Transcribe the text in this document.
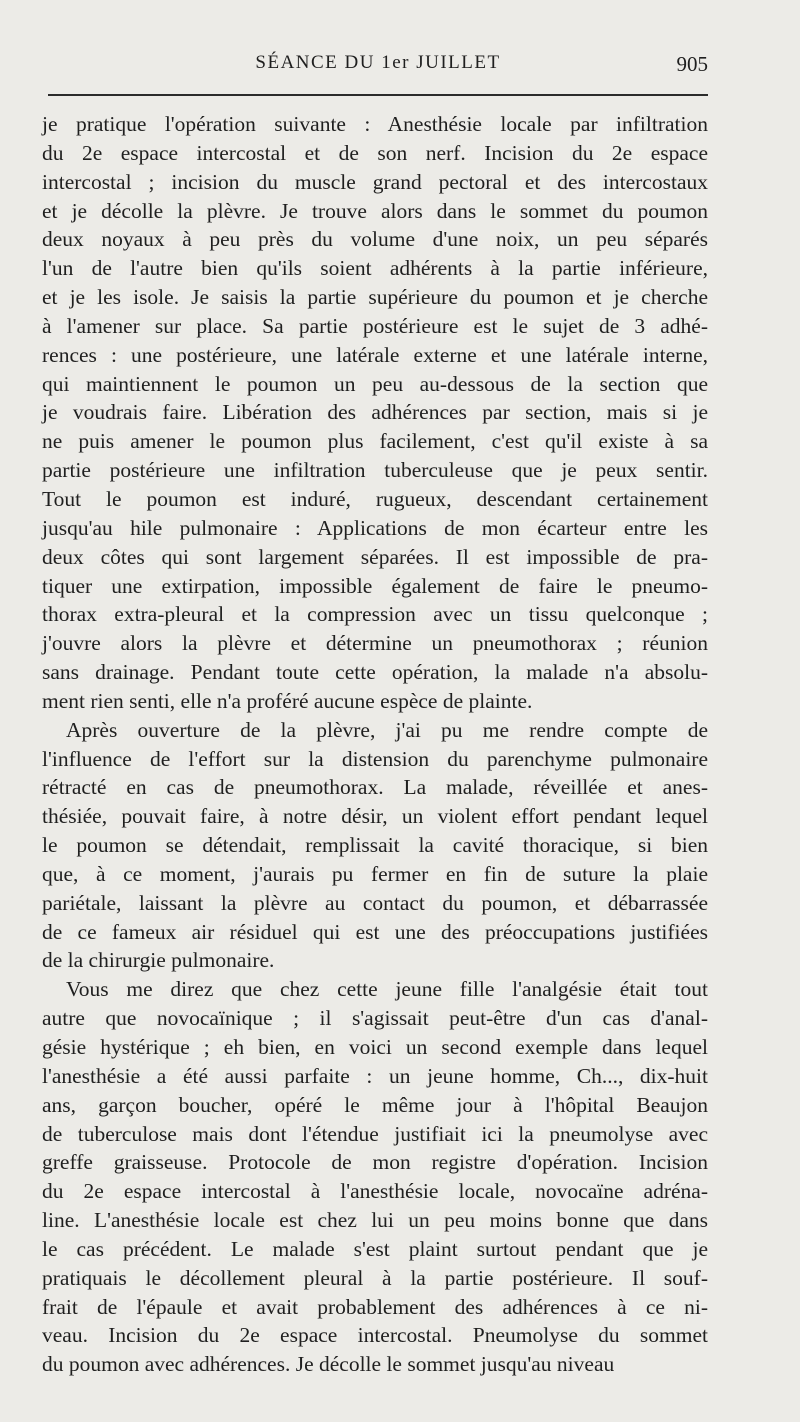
SÉANCE DU 1er JUILLET	905

je pratique l'opération suivante : Anesthésie locale par infiltration
du 2e espace intercostal et de son nerf. Incision du 2e espace
intercostal ; incision du muscle grand pectoral et des intercostaux
et je décolle la plèvre. Je trouve alors dans le sommet du poumon
deux noyaux à peu près du volume d'une noix, un peu séparés
l'un de l'autre bien qu'ils soient adhérents à la partie inférieure,
et je les isole. Je saisis la partie supérieure du poumon et je cherche
à l'amener sur place. Sa partie postérieure est le sujet de 3 adhé-
rences : une postérieure, une latérale externe et une latérale interne,
qui maintiennent le poumon un peu au-dessous de la section que
je voudrais faire. Libération des adhérences par section, mais si je
ne puis amener le poumon plus facilement, c'est qu'il existe à sa
partie postérieure une infiltration tuberculeuse que je peux sentir.
Tout le poumon est induré, rugueux, descendant certainement
jusqu'au hile pulmonaire : Applications de mon écarteur entre les
deux côtes qui sont largement séparées. Il est impossible de pra-
tiquer une extirpation, impossible également de faire le pneumo-
thorax extra-pleural et la compression avec un tissu quelconque ;
j'ouvre alors la plèvre et détermine un pneumothorax ; réunion
sans drainage. Pendant toute cette opération, la malade n'a absolu-
ment rien senti, elle n'a proféré aucune espèce de plainte.

Après ouverture de la plèvre, j'ai pu me rendre compte de
l'influence de l'effort sur la distension du parenchyme pulmonaire
rétracté en cas de pneumothorax. La malade, réveillée et anes-
thésiée, pouvait faire, à notre désir, un violent effort pendant lequel
le poumon se détendait, remplissait la cavité thoracique, si bien
que, à ce moment, j'aurais pu fermer en fin de suture la plaie
pariétale, laissant la plèvre au contact du poumon, et débarrassée
de ce fameux air résiduel qui est une des préoccupations justifiées
de la chirurgie pulmonaire.

Vous me direz que chez cette jeune fille l'analgésie était tout
autre que novocaïnique ; il s'agissait peut-être d'un cas d'anal-
gésie hystérique ; eh bien, en voici un second exemple dans lequel
l'anesthésie a été aussi parfaite : un jeune homme, Ch..., dix-huit
ans, garçon boucher, opéré le même jour à l'hôpital Beaujon
de tuberculose mais dont l'étendue justifiait ici la pneumolyse avec
greffe graisseuse. Protocole de mon registre d'opération. Incision
du 2e espace intercostal à l'anesthésie locale, novocaïne adréna-
line. L'anesthésie locale est chez lui un peu moins bonne que dans
le cas précédent. Le malade s'est plaint surtout pendant que je
pratiquais le décollement pleural à la partie postérieure. Il souf-
frait de l'épaule et avait probablement des adhérences à ce ni-
veau. Incision du 2e espace intercostal. Pneumolyse du sommet
du poumon avec adhérences. Je décolle le sommet jusqu'au niveau
